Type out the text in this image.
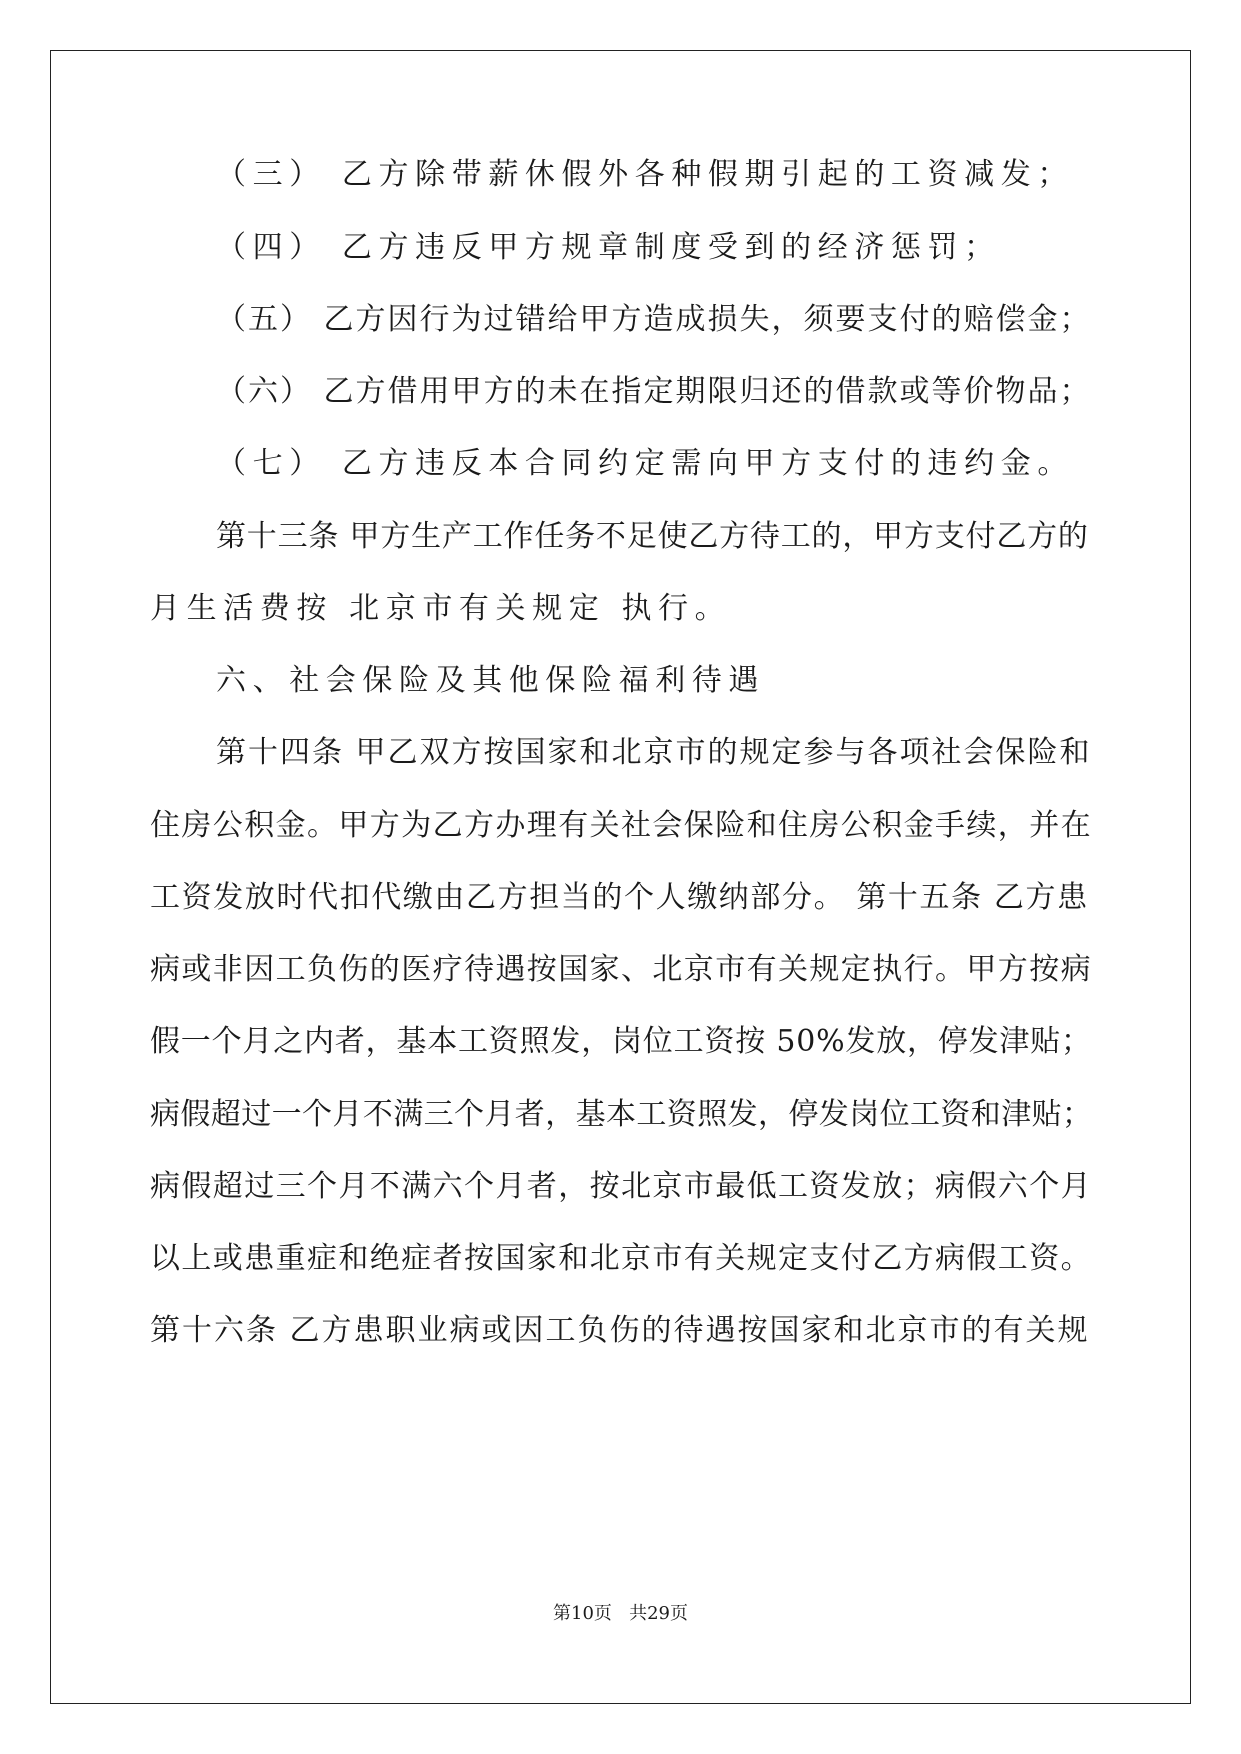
（三） 乙方除带薪休假外各种假期引起的工资减发；
（四） 乙方违反甲方规章制度受到的经济惩罚；
（五） 乙方因行为过错给甲方造成损失，须要支付的赔偿金；
（六） 乙方借用甲方的未在指定期限归还的借款或等价物品；
（七） 乙方违反本合同约定需向甲方支付的违约金。
第十三条 甲方生产工作任务不足使乙方待工的，甲方支付乙方的
月生活费按 北京市有关规定 执行。
六、社会保险及其他保险福利待遇
第十四条 甲乙双方按国家和北京市的规定参与各项社会保险和
住房公积金。甲方为乙方办理有关社会保险和住房公积金手续，并在
工资发放时代扣代缴由乙方担当的个人缴纳部分。 第十五条 乙方患
病或非因工负伤的医疗待遇按国家、北京市有关规定执行。甲方按病
假一个月之内者，基本工资照发，岗位工资按 50%发放，停发津贴；
病假超过一个月不满三个月者，基本工资照发，停发岗位工资和津贴；
病假超过三个月不满六个月者，按北京市最低工资发放；病假六个月
以上或患重症和绝症者按国家和北京市有关规定支付乙方病假工资。
第十六条 乙方患职业病或因工负伤的待遇按国家和北京市的有关规
第10页   共29页
